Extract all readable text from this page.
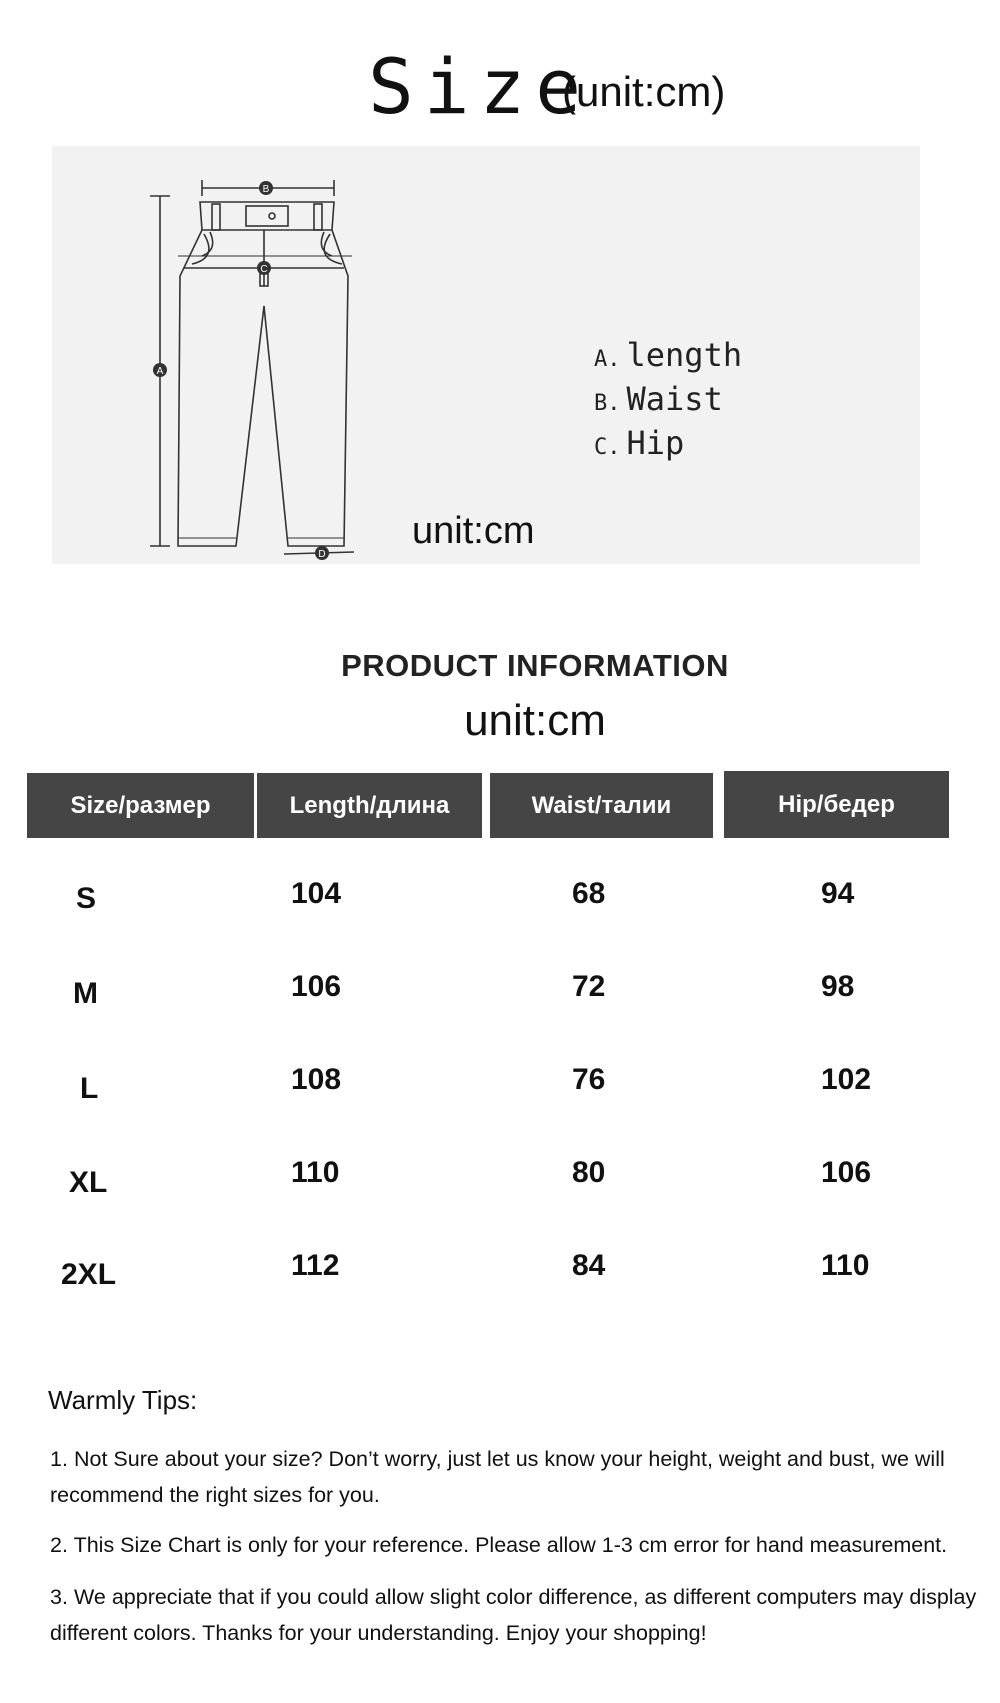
Size
(unit:cm)
B
C
A
D
A. length
B. Waist
C. Hip
unit:cm
PRODUCT INFORMATION
unit:cm
Size/размер	Length/длина	Waist/талии	Hip/бедер
S	104	68	94
M	106	72	98
L	108	76	102
XL	110	80	106
2XL	112	84	110
Warmly Tips:
1. Not Sure about your size? Don’t worry, just let us know your height, weight and bust, we will recommend the right sizes for you.
2. This Size Chart is only for your reference. Please allow 1-3 cm error for hand measurement.
3. We appreciate that if you could allow slight color difference, as different computers may display different colors. Thanks for your understanding. Enjoy your shopping!
